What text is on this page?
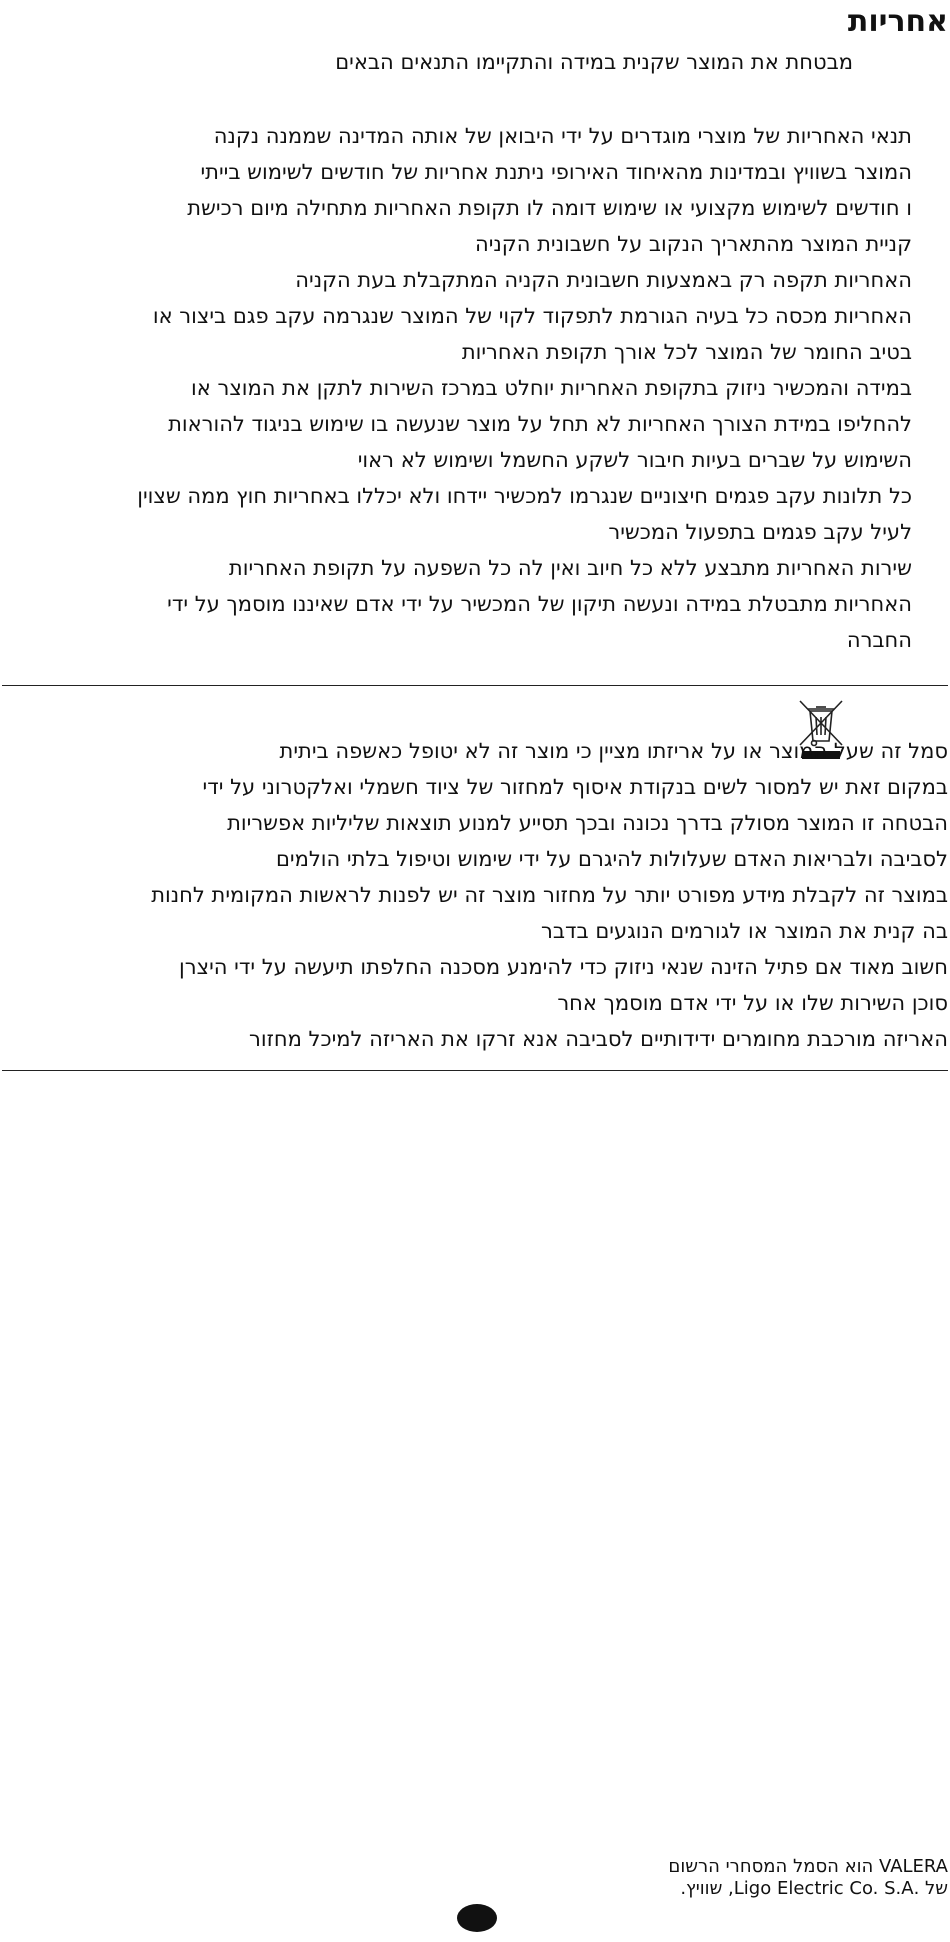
אחריות
מבטחת את המוצר שקנית במידה והתקיימו התנאים הבאים
תנאי האחריות של מוצרי מוגדרים על ידי היבואן של אותה המדינה שממנה נקנה
המוצר בשוויץ ובמדינות מהאיחוד האירופי ניתנת אחריות של חודשים לשימוש בייתי
ו חודשים לשימוש מקצועי או שימוש דומה לו תקופת האחריות מתחילה מיום רכישת
קניית המוצר מהתאריך הנקוב על חשבונית הקניה
האחריות תקפה רק באמצעות חשבונית הקניה המתקבלת בעת הקניה
האחריות מכסה כל בעיה הגורמת לתפקוד לקוי של המוצר שנגרמה עקב פגם ביצור או
בטיב החומר של המוצר לכל אורך תקופת האחריות
במידה והמכשיר ניזוק בתקופת האחריות יוחלט במרכז השירות לתקן את המוצר או
להחליפו במידת הצורך האחריות לא תחל על מוצר שנעשה בו שימוש בניגוד להוראות
השימוש על שברים בעיות חיבור לשקע החשמל ושימוש לא ראוי
כל תלונות עקב פגמים חיצוניים שנגרמו למכשיר יידחו ולא יכללו באחריות חוץ ממה שצוין
לעיל עקב פגמים בתפעול המכשיר
שירות האחריות מתבצע ללא כל חיוב ואין לה כל השפעה על תקופת האחריות
האחריות מתבטלת במידה ונעשה תיקון של המכשיר על ידי אדם שאיננו מוסמך על ידי
החברה
סמל זה שעל המוצר או על אריזתו מציין כי מוצר זה לא יטופל כאשפה ביתית
במקום זאת יש למסור לשים בנקודת איסוף למחזור של ציוד חשמלי ואלקטרוני על ידי
הבטחה זו המוצר מסולק בדרך נכונה ובכך תסייע למנוע תוצאות שליליות אפשריות
לסביבה ולבריאות האדם שעלולות להיגרם על ידי שימוש וטיפול בלתי הולמים
במוצר זה לקבלת מידע מפורט יותר על מחזור מוצר זה יש לפנות לראשות המקומית לחנות
בה קנית את המוצר או לגורמים הנוגעים בדבר
חשוב מאוד אם פתיל הזינה שנאי ניזוק כדי להימנע מסכנה החלפתו תיעשה על ידי היצרן
סוכן השירות שלו או על ידי אדם מוסמך אחר
האריזה מורכבת מחומרים ידידותיים לסביבה אנא זרקו את האריזה למיכל מחזור
VALERA הוא הסמל המסחרי הרשום
של .Ligo Electric Co. S.A, שוויץ.
